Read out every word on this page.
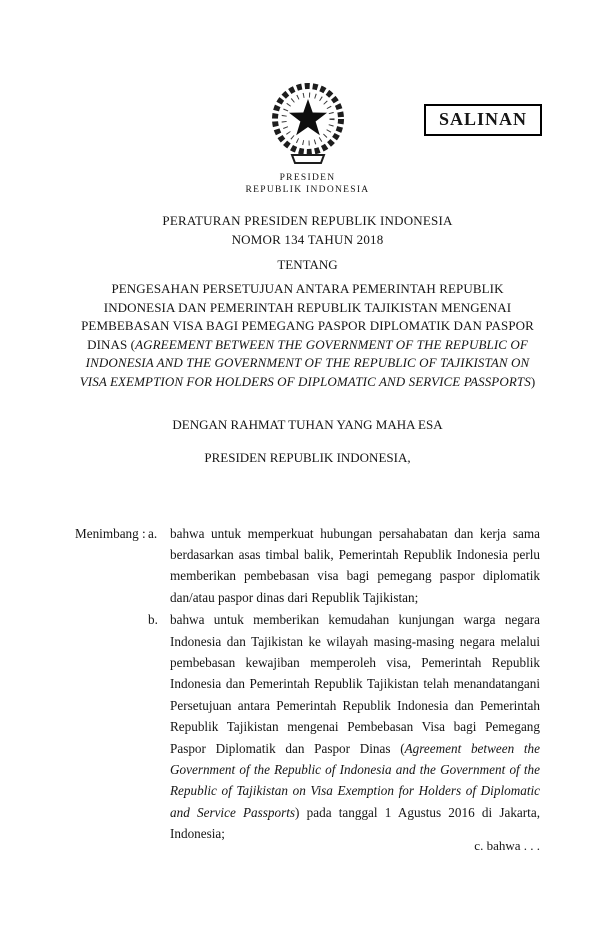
SALINAN
PRESIDEN
REPUBLIK INDONESIA
PERATURAN PRESIDEN REPUBLIK INDONESIA
NOMOR 134 TAHUN 2018
TENTANG
PENGESAHAN PERSETUJUAN ANTARA PEMERINTAH REPUBLIK INDONESIA DAN PEMERINTAH REPUBLIK TAJIKISTAN MENGENAI PEMBEBASAN VISA BAGI PEMEGANG PASPOR DIPLOMATIK DAN PASPOR DINAS (AGREEMENT BETWEEN THE GOVERNMENT OF THE REPUBLIC OF INDONESIA AND THE GOVERNMENT OF THE REPUBLIC OF TAJIKISTAN ON VISA EXEMPTION FOR HOLDERS OF DIPLOMATIC AND SERVICE PASSPORTS)
DENGAN RAHMAT TUHAN YANG MAHA ESA
PRESIDEN REPUBLIK INDONESIA,
Menimbang : a. bahwa untuk memperkuat hubungan persahabatan dan kerja sama berdasarkan asas timbal balik, Pemerintah Republik Indonesia perlu memberikan pembebasan visa bagi pemegang paspor diplomatik dan/atau paspor dinas dari Republik Tajikistan;
b. bahwa untuk memberikan kemudahan kunjungan warga negara Indonesia dan Tajikistan ke wilayah masing-masing negara melalui pembebasan kewajiban memperoleh visa, Pemerintah Republik Indonesia dan Pemerintah Republik Tajikistan telah menandatangani Persetujuan antara Pemerintah Republik Indonesia dan Pemerintah Republik Tajikistan mengenai Pembebasan Visa bagi Pemegang Paspor Diplomatik dan Paspor Dinas (Agreement between the Government of the Republic of Indonesia and the Government of the Republic of Tajikistan on Visa Exemption for Holders of Diplomatic and Service Passports) pada tanggal 1 Agustus 2016 di Jakarta, Indonesia;
c. bahwa . . .
